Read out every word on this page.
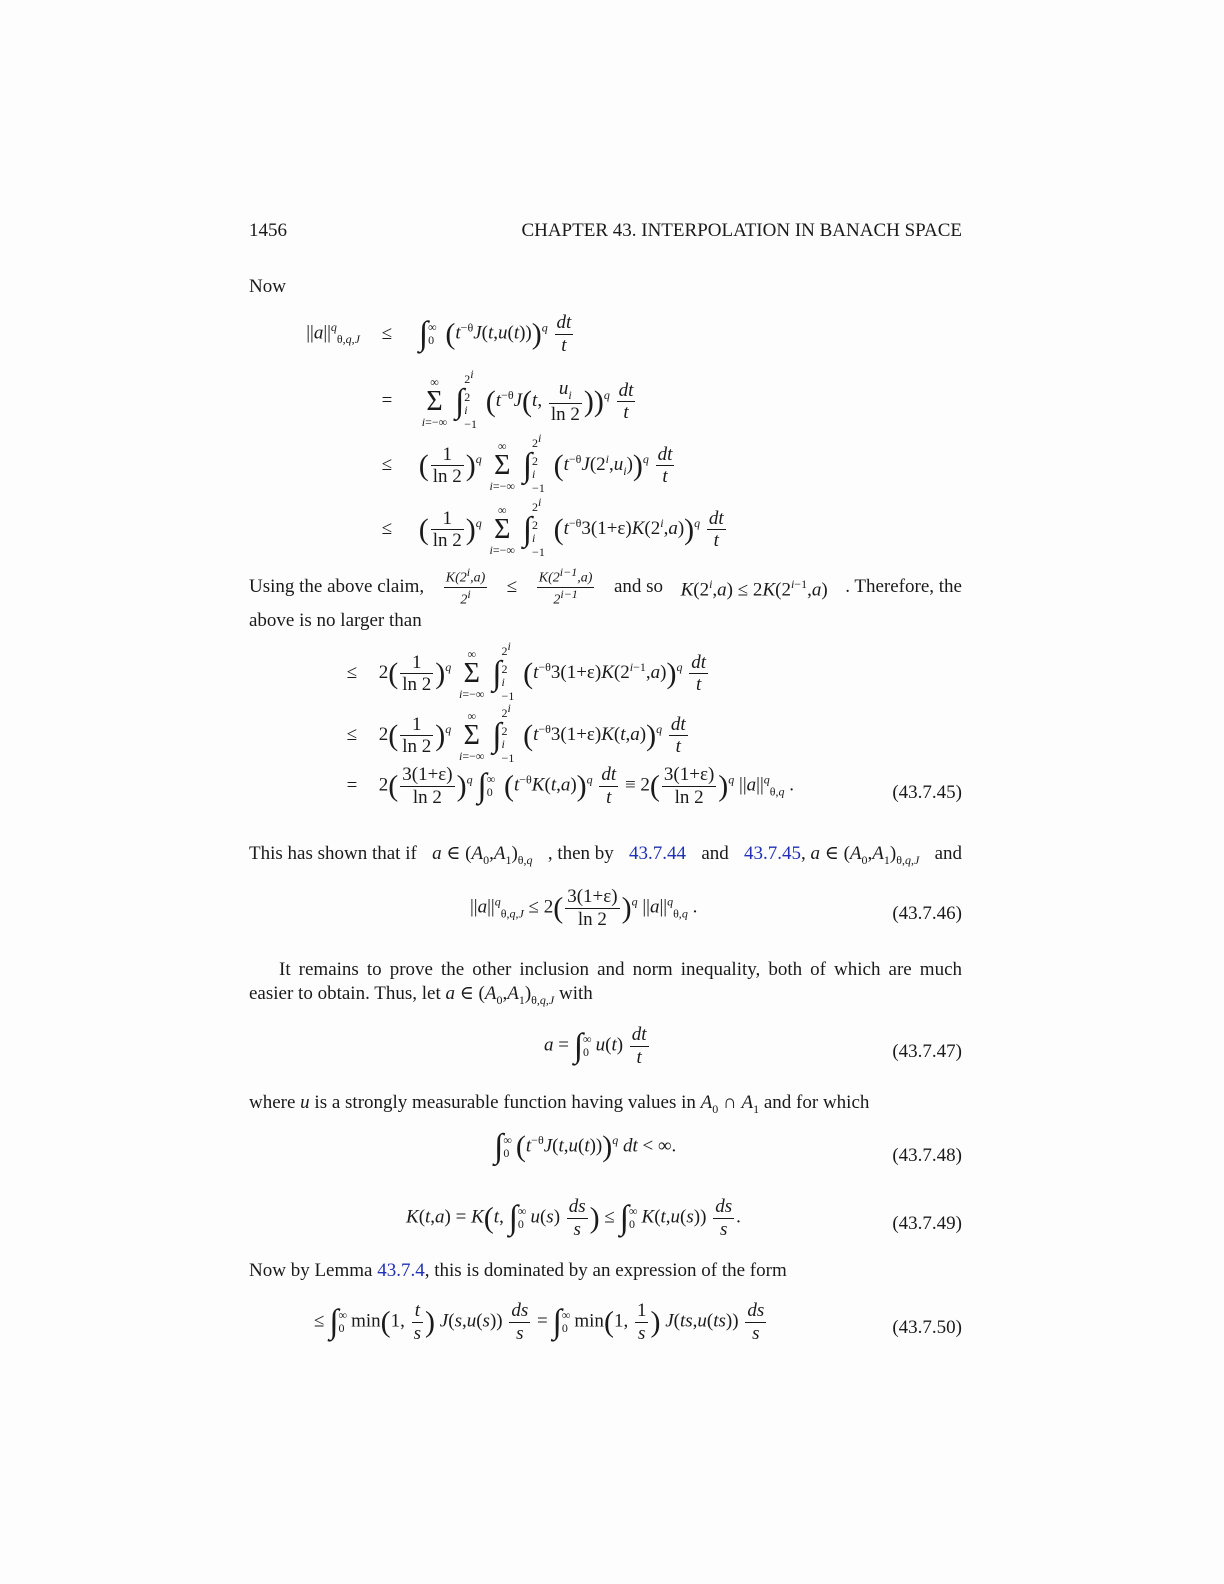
1456	CHAPTER 43. INTERPOLATION IN BANACH SPACE
Now
$||a||^q_{\theta,q,J}$ ≤ ∫ ∞
0 $(t^{-\theta}J(t,u(t)))^q \frac{dt}{t}$
=
∞
Σ
i=−∞
∫
2$^i$
2
$^{i -1}$
($t^{-\theta}J(t$, $\frac{u_i}{\ln 2} ))^q \frac{dt}{t}$
≤ ( $\frac{1}{\ln 2} )^q$
∞
Σ
i=−∞
∫
2$^i$
2
$^{i -1}$
$(t^{-\theta}J(2^i,u_i))^q \frac{dt}{t}$
≤ ( $\frac{1}{\ln 2} )^q$
∞
Σ
i=−∞
∫
2$^i$
2
$^{i -1}$
$(t^{-\theta}3(1+\varepsilon)K(2^i,a))^q \frac{dt}{t}$

Using the above claim, $\frac{K(2^i,a)}{2^i} \le \frac{K(2^{i-1},a)}{2^{i-1}}$ and so $K(2^i,a) \le 2K(2^{i-1},a)$ . Therefore, the

above is no larger than

≤ $2( \frac{1}{\ln 2} )^q$
∞
Σ
i=−∞
∫
2$^i$
2
$^{i -1}$
$(t^{-\theta}3(1+\varepsilon)K(2^{i-1},a))^q \frac{dt}{t}$
≤ $2( \frac{1}{\ln 2} )^q$
∞
Σ
i=−∞
∫
2$^i$
2
$^{i -1}$
$(t^{-\theta}3(1+\varepsilon)K(t,a))^q \frac{dt}{t}$
= $2( \frac{3(1+\varepsilon)}{\ln 2} )^q$ ∫ ∞
0 $(t^{-\theta}K(t,a))^q \frac{dt}{t} \equiv 2( \frac{3(1+\varepsilon)}{\ln 2} )^q$ $||a||^q_{\theta,q}$ .	(43.7.45)

This has shown that if a ∈ $(A_0,A_1)_{\theta,q}$ , then by 43.7.44 and 43.7.45, a ∈ $(A_0,A_1)_{\theta,q,J}$ and

$||a||^q_{\theta,q,J} \le 2( \frac{3(1+\varepsilon)}{\ln 2} )^q$ $||a||^q_{\theta,q}$ .	(43.7.46)

It remains to prove the other inclusion and norm inequality, both of which are much

easier to obtain. Thus, let a ∈ $(A_0,A_1)_{\theta,q,J}$ with

a = ∫ ∞
0 $u(t) \frac{dt}{t}$	(43.7.47)
where u is a strongly measurable function having values in $A_0$ ∩ $A_1$ and for which
∫ ∞
0 $(t^{-\theta}J(t,u(t)))^q$ dt < ∞.	(43.7.48)
K(t,a) = K(t, ∫ ∞
0 $u(s) \frac{ds}{s}$ ) ≤ ∫ ∞
0 $K(t,u(s)) \frac{ds}{s}$ .	(43.7.49)
Now by Lemma 43.7.4, this is dominated by an expression of the form
≤ ∫ ∞
0 min(1, $\frac{t}{s}$ ) $J(s,u(s)) \frac{ds}{s}$ = ∫ ∞
0 min(1, $\frac{1}{s}$ ) $J(ts,u(ts)) \frac{ds}{s}$	(43.7.50)
